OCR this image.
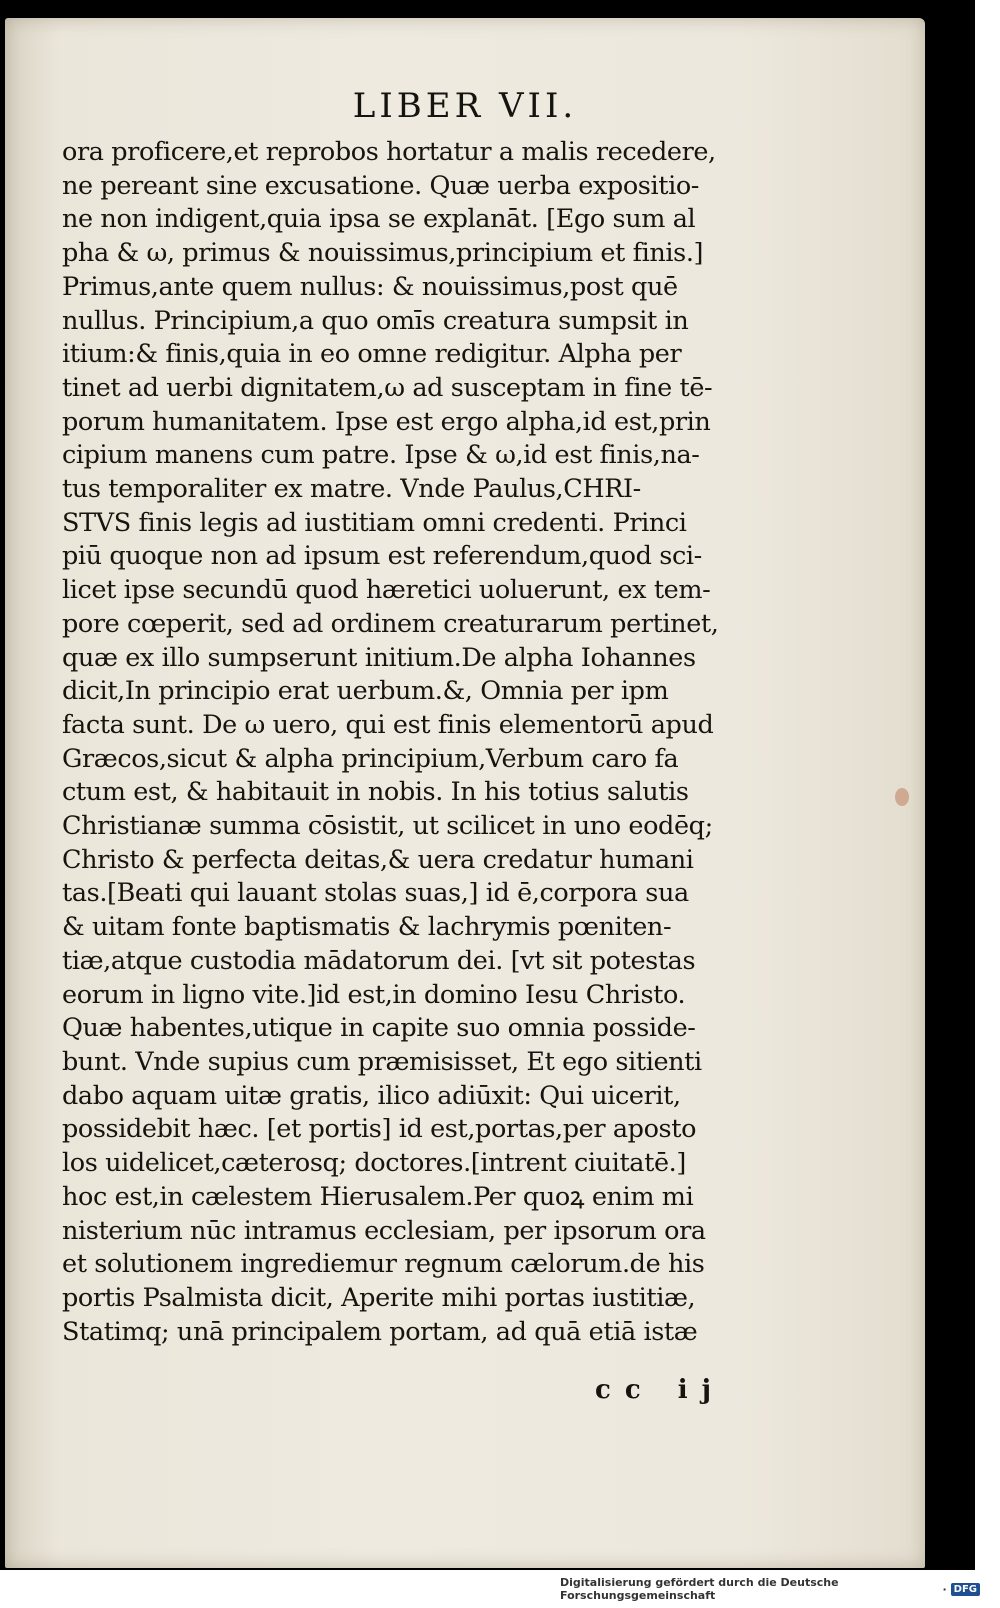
LIBER VII.
ora proficere,et reprobos hortatur a malis recedere,
ne pereant sine excusatione. Quæ uerba expositio-
ne non indigent,quia ipsa se explanāt. [Ego sum al
pha & ω, primus & nouissimus,principium et finis.]
Primus,ante quem nullus: & nouissimus,post quē
nullus. Principium,a quo omīs creatura sumpsit in
itium:& finis,quia in eo omne redigitur. Alpha per
tinet ad uerbi dignitatem,ω ad susceptam in fine tē-
porum humanitatem. Ipse est ergo alpha,id est,prin
cipium manens cum patre. Ipse & ω,id est finis,na-
tus temporaliter ex matre. Vnde Paulus,CHRI-
STVS finis legis ad iustitiam omni credenti. Princi
piū quoque non ad ipsum est referendum,quod sci-
licet ipse secundū quod hæretici uoluerunt, ex tem-
pore cœperit, sed ad ordinem creaturarum pertinet,
quæ ex illo sumpserunt initium.De alpha Iohannes
dicit,In principio erat uerbum.&, Omnia per ipm
facta sunt. De ω uero, qui est finis elementorū apud
Græcos,sicut & alpha principium,Verbum caro fa
ctum est, & habitauit in nobis. In his totius salutis
Christianæ summa cōsistit, ut scilicet in uno eodēq;
Christo & perfecta deitas,& uera credatur humani
tas.[Beati qui lauant stolas suas,] id ē,corpora sua
& uitam fonte baptismatis & lachrymis pœniten-
tiæ,atque custodia mādatorum dei. [vt sit potestas
eorum in ligno vite.]id est,in domino Iesu Christo.
Quæ habentes,utique in capite suo omnia posside-
bunt. Vnde supius cum præmisisset, Et ego sitienti
dabo aquam uitæ gratis, ilico adiūxit: Qui uicerit,
possidebit hæc. [et portis] id est,portas,per aposto
los uidelicet,cæterosq; doctores.[intrent ciuitatē.]
hoc est,in cælestem Hierusalem.Per quoꝝ enim mi
nisterium nūc intramus ecclesiam, per ipsorum ora
et solutionem ingrediemur regnum cælorum.de his
portis Psalmista dicit, Aperite mihi portas iustitiæ,
Statimq; unā principalem portam, ad quā etiā istæ
cc ij
Digitalisierung gefördert durch die Deutsche Forschungsgemeinschaft	· DFG
